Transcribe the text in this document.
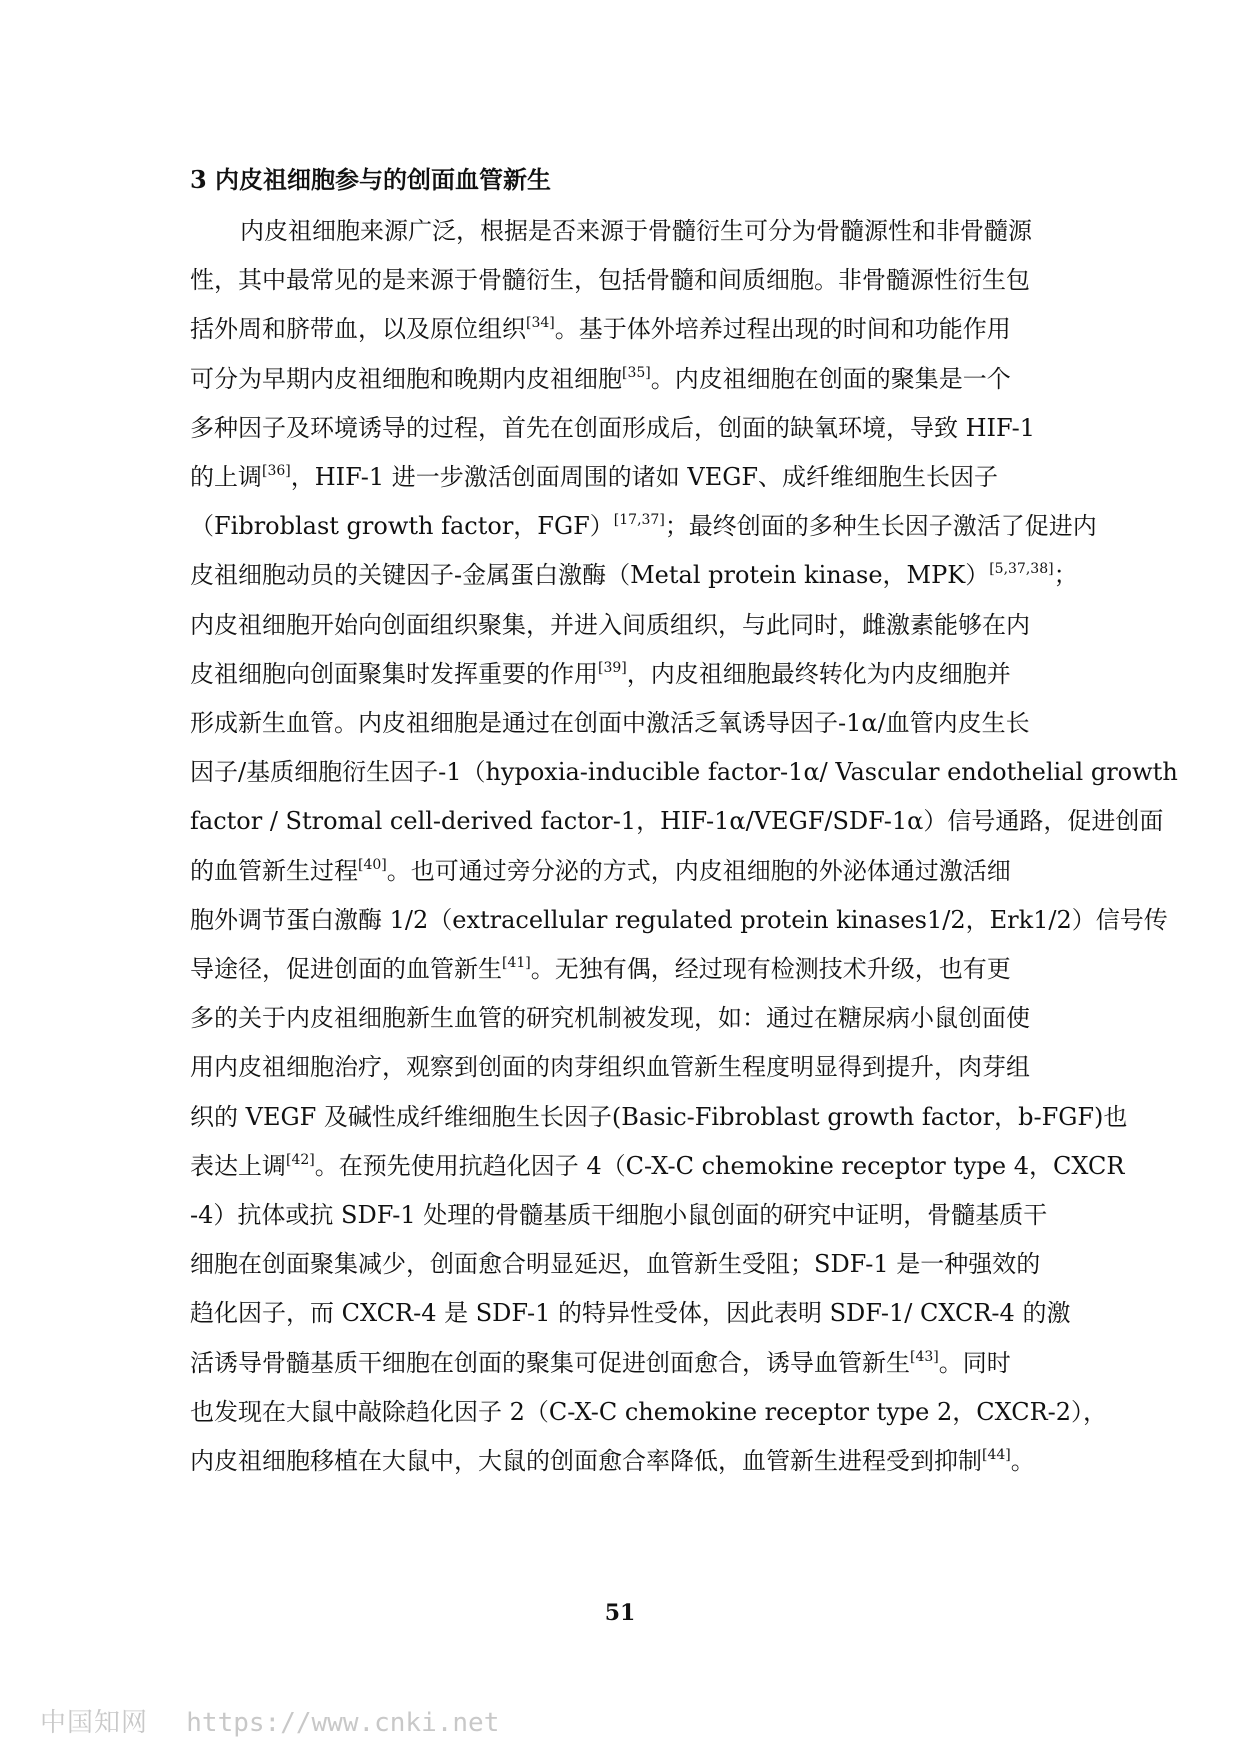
3 内皮祖细胞参与的创面血管新生
内皮祖细胞来源广泛，根据是否来源于骨髓衍生可分为骨髓源性和非骨髓源
性，其中最常见的是来源于骨髓衍生，包括骨髓和间质细胞。非骨髓源性衍生包
括外周和脐带血，以及原位组织[34]。基于体外培养过程出现的时间和功能作用
可分为早期内皮祖细胞和晚期内皮祖细胞[35]。内皮祖细胞在创面的聚集是一个
多种因子及环境诱导的过程，首先在创面形成后，创面的缺氧环境，导致 HIF-1
的上调[36]，HIF-1 进一步激活创面周围的诸如 VEGF、成纤维细胞生长因子
（Fibroblast growth factor，FGF）[17,37]；最终创面的多种生长因子激活了促进内
皮祖细胞动员的关键因子-金属蛋白激酶（Metal protein kinase，MPK）[5,37,38]；
内皮祖细胞开始向创面组织聚集，并进入间质组织，与此同时，雌激素能够在内
皮祖细胞向创面聚集时发挥重要的作用[39]，内皮祖细胞最终转化为内皮细胞并
形成新生血管。内皮祖细胞是通过在创面中激活乏氧诱导因子-1α/血管内皮生长
因子/基质细胞衍生因子-1（hypoxia-inducible factor-1α/ Vascular endothelial growth
factor / Stromal cell-derived factor-1，HIF-1α/VEGF/SDF-1α）信号通路，促进创面
的血管新生过程[40]。也可通过旁分泌的方式，内皮祖细胞的外泌体通过激活细
胞外调节蛋白激酶 1/2（extracellular regulated protein kinases1/2，Erk1/2）信号传
导途径，促进创面的血管新生[41]。无独有偶，经过现有检测技术升级，也有更
多的关于内皮祖细胞新生血管的研究机制被发现，如：通过在糖尿病小鼠创面使
用内皮祖细胞治疗，观察到创面的肉芽组织血管新生程度明显得到提升，肉芽组
织的 VEGF 及碱性成纤维细胞生长因子(Basic-Fibroblast growth factor，b-FGF)也
表达上调[42]。在预先使用抗趋化因子 4（C-X-C chemokine receptor type 4，CXCR
-4）抗体或抗 SDF-1 处理的骨髓基质干细胞小鼠创面的研究中证明，骨髓基质干
细胞在创面聚集减少，创面愈合明显延迟，血管新生受阻；SDF-1 是一种强效的
趋化因子，而 CXCR-4 是 SDF-1 的特异性受体，因此表明 SDF-1/ CXCR-4 的激
活诱导骨髓基质干细胞在创面的聚集可促进创面愈合，诱导血管新生[43]。同时
也发现在大鼠中敲除趋化因子 2（C-X-C chemokine receptor type 2，CXCR-2），
内皮祖细胞移植在大鼠中，大鼠的创面愈合率降低，血管新生进程受到抑制[44]。
51
中国知网 https://www.cnki.net
